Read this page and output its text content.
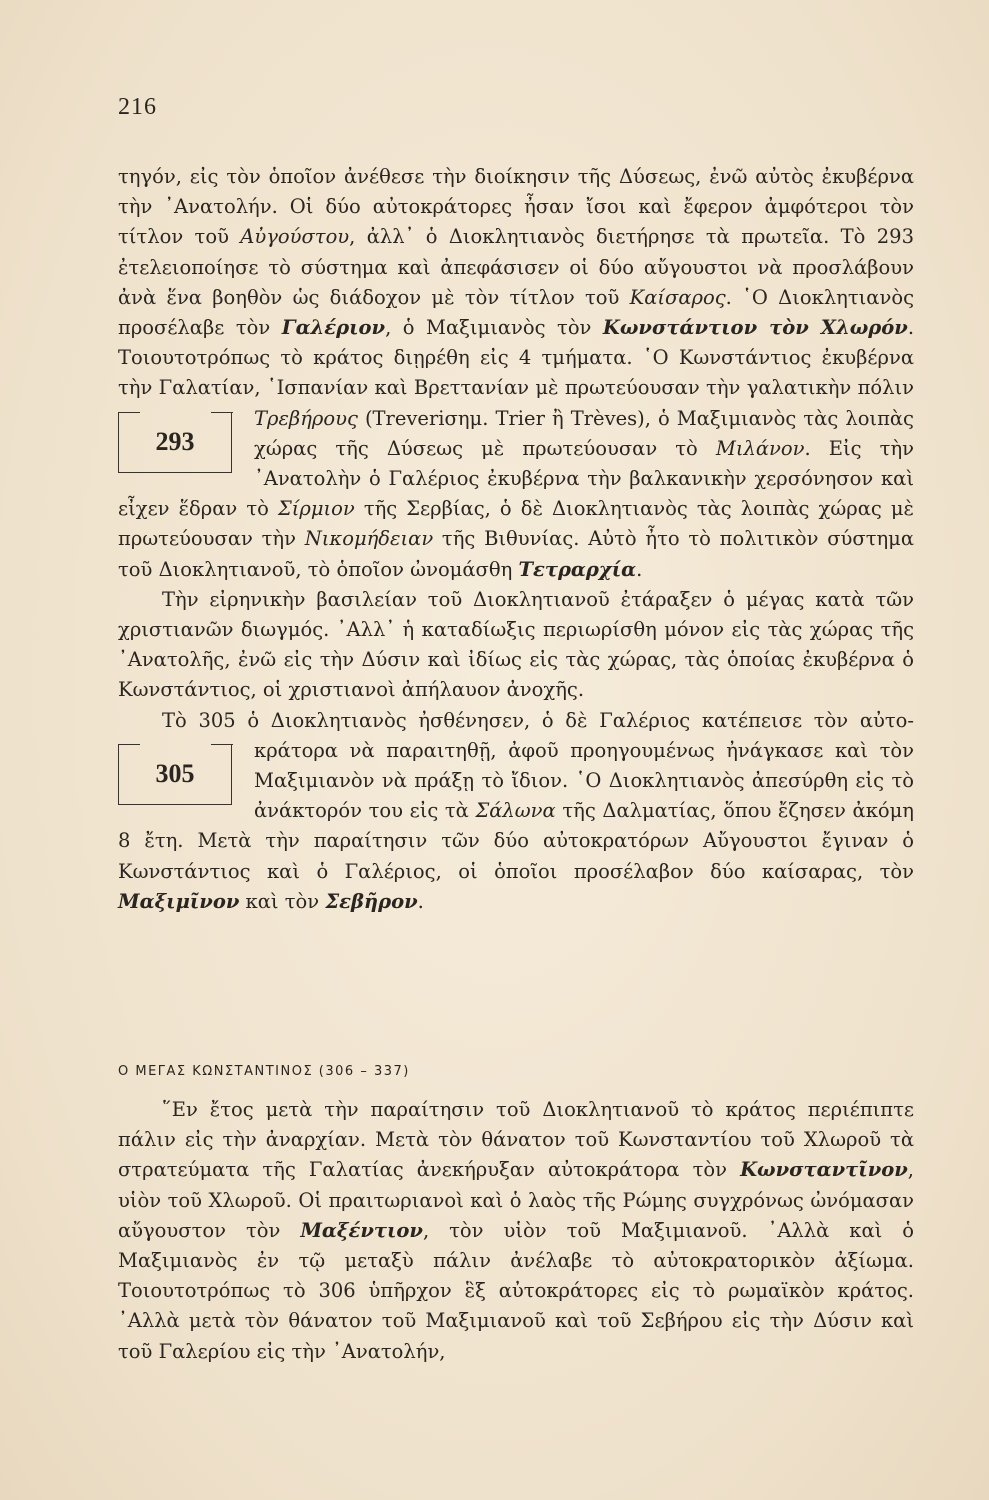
216

τηγόν, εἰς τὸν ὁποῖον ἀνέθεσε τὴν διοίκησιν τῆς Δύσεως, ἐνῶ αὐτὸς ἐκυβέρνα τὴν ᾿Ανατολήν. Οἱ δύο αὐτοκράτορες ἦσαν ἴσοι καὶ ἔφερον ἀμφότεροι τὸν τίτλον τοῦ Αὐγούστου, ἀλλ᾿ ὁ Διοκλητιανὸς διετήρησε τὰ πρωτεῖα. Τὸ 293 ἐτελειοποίησε τὸ σύστημα καὶ ἀπεφάσισεν οἱ δύο αὔγουστοι νὰ προσλάβουν ἀνὰ ἕνα βοηθὸν ὡς διάδοχον μὲ τὸν τίτλον τοῦ Καίσαρος. ῾Ο Διοκλητιανὸς προσέλαβε τὸν Γαλέριον, ὁ Μαξιμιανὸς τὸν Κωνστάντιον τὸν Χλωρόν. Τοιουτοτρόπως τὸ κράτος διῃρέθη εἰς 4 τμήματα. ῾Ο Κωνστάντιος ἐκυβέρνα τὴν Γαλατίαν, ῾Ισπανίαν καὶ Βρεττανίαν μὲ πρωτεύουσαν τὴν γαλατικὴν πόλιν Τρεβήρους (Treveri
293
σημ. Trier ἢ Trèves), ὁ Μαξιμιανὸς τὰς λοιπὰς χώρας τῆς Δύσεως μὲ πρωτεύουσαν τὸ Μιλάνον. Εἰς τὴν ᾿Ανατολὴν ὁ Γαλέριος ἐκυβέρνα τὴν βαλκανικὴν χερσόνησον καὶ εἶχεν ἕδραν τὸ Σίρμιον τῆς Σερβίας, ὁ δὲ Διοκλητιανὸς τὰς λοιπὰς χώρας μὲ πρωτεύουσαν τὴν Νικομήδειαν τῆς Βιθυνίας. Αὐτὸ ἦτο τὸ πολιτικὸν σύστημα τοῦ Διοκλητιανοῦ, τὸ ὁποῖον ὠνομάσθη Τετραρχία.

Τὴν εἰρηνικὴν βασιλείαν τοῦ Διοκλητιανοῦ ἐτάραξεν ὁ μέγας κατὰ τῶν χριστιανῶν διωγμός. ᾿Αλλ᾿ ἡ καταδίωξις περιωρίσθη μόνον εἰς τὰς χώρας τῆς ᾿Ανατολῆς, ἐνῶ εἰς τὴν Δύσιν καὶ ἰδίως εἰς τὰς χώρας, τὰς ὁποίας ἐκυβέρνα ὁ Κωνστάντιος, οἱ χριστιανοὶ ἀπήλαυον ἀνοχῆς.

Τὸ 305 ὁ Διοκλητιανὸς ἠσθένησεν, ὁ δὲ Γαλέριος κατέπεισε τὸν αὐτο-
305
κράτορα νὰ παραιτηθῇ, ἀφοῦ προηγουμένως ἠνάγκασε καὶ τὸν Μαξιμιανὸν νὰ πράξῃ τὸ ἴδιον. ῾Ο Διοκλητιανὸς ἀπεσύρθη εἰς τὸ ἀνάκτορόν του εἰς τὰ Σάλωνα τῆς Δαλματίας, ὅπου ἔζησεν ἀκόμη 8 ἔτη. Μετὰ τὴν παραίτησιν τῶν δύο αὐτοκρατόρων Αὔγουστοι ἔγιναν ὁ Κωνστάντιος καὶ ὁ Γαλέριος, οἱ ὁποῖοι προσέλαβον δύο καίσαρας, τὸν Μαξιμῖνον καὶ τὸν Σεβῆρον.

Ο ΜΕΓΑΣ ΚΩΝΣΤΑΝΤΙΝΟΣ (306 – 337)

῞Εν ἔτος μετὰ τὴν παραίτησιν τοῦ Διοκλητιανοῦ τὸ κράτος περιέπιπτε πάλιν εἰς τὴν ἀναρχίαν. Μετὰ τὸν θάνατον τοῦ Κωνσταντίου τοῦ Χλωροῦ τὰ στρατεύματα τῆς Γαλατίας ἀνεκήρυξαν αὐτοκράτορα τὸν Κωνσταντῖνον, υἱὸν τοῦ Χλωροῦ. Οἱ πραιτωριανοὶ καὶ ὁ λαὸς τῆς Ρώμης συγχρόνως ὠνόμασαν αὔγουστον τὸν Μαξέντιον, τὸν υἱὸν τοῦ Μαξιμιανοῦ. ᾿Αλλὰ καὶ ὁ Μαξιμιανὸς ἐν τῷ μεταξὺ πάλιν ἀνέλαβε τὸ αὐτοκρατορικὸν ἀξίωμα. Τοιουτοτρόπως τὸ 306 ὑπῆρχον ἓξ αὐτοκράτορες εἰς τὸ ρωμαϊκὸν κράτος. ᾿Αλλὰ μετὰ τὸν θάνατον τοῦ Μαξιμιανοῦ καὶ τοῦ Σεβήρου εἰς τὴν Δύσιν καὶ τοῦ Γαλερίου εἰς τὴν ᾿Ανατολήν,
